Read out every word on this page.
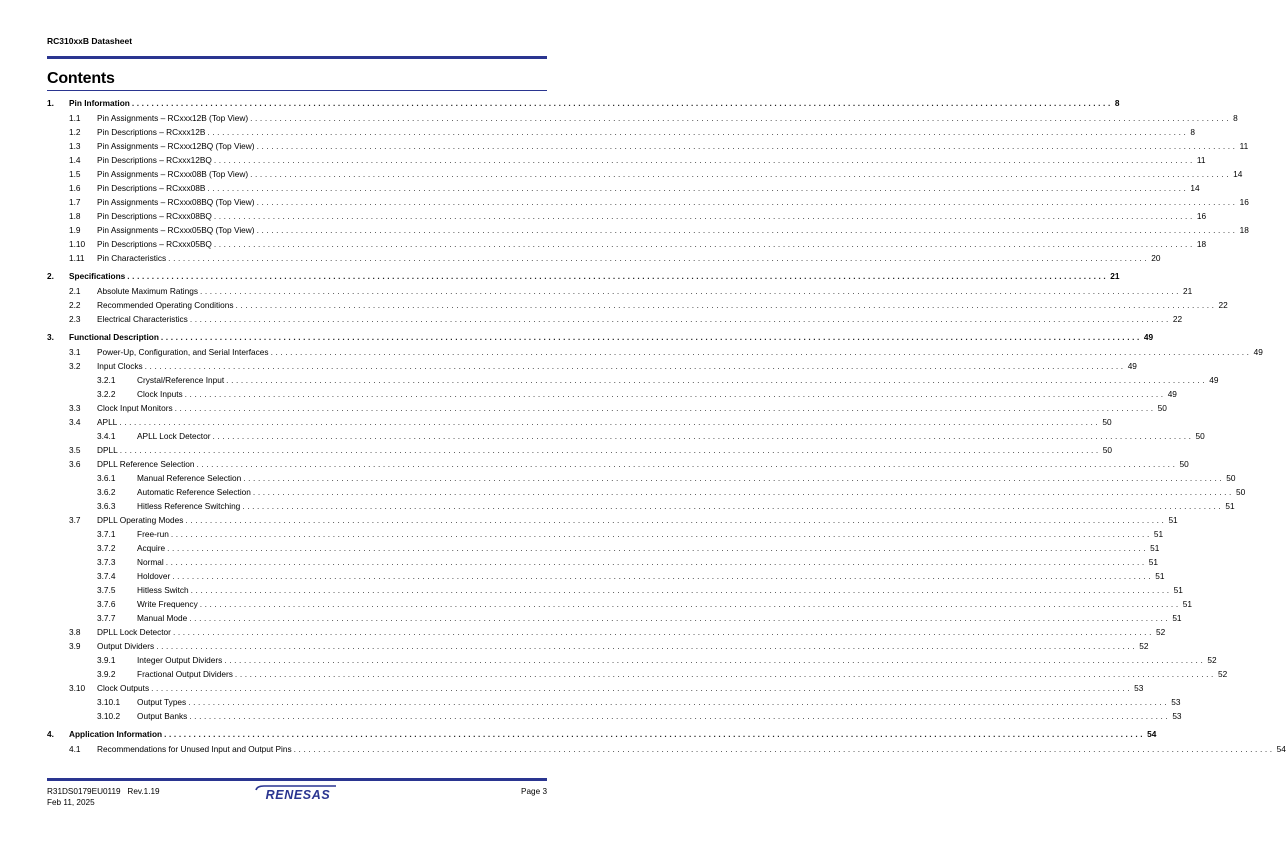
RC310xxB Datasheet
Contents
1. Pin Information ........................................................................................................................................................................................................ 8
1.1 Pin Assignments – RCxxx12B (Top View) ........................................................................................................................................................................................................ 8
1.2 Pin Descriptions – RCxxx12B ........................................................................................................................................................................................................ 8
1.3 Pin Assignments – RCxxx12BQ (Top View) ........................................................................................................................................................................................................ 11
1.4 Pin Descriptions – RCxxx12BQ ........................................................................................................................................................................................................ 11
1.5 Pin Assignments – RCxxx08B (Top View) ........................................................................................................................................................................................................ 14
1.6 Pin Descriptions – RCxxx08B ........................................................................................................................................................................................................ 14
1.7 Pin Assignments – RCxxx08BQ (Top View) ........................................................................................................................................................................................................ 16
1.8 Pin Descriptions – RCxxx08BQ ........................................................................................................................................................................................................ 16
1.9 Pin Assignments – RCxxx05BQ (Top View) ........................................................................................................................................................................................................ 18
1.10 Pin Descriptions – RCxxx05BQ ........................................................................................................................................................................................................ 18
1.11 Pin Characteristics ........................................................................................................................................................................................................ 20
2. Specifications ........................................................................................................................................................................................................ 21
2.1 Absolute Maximum Ratings ........................................................................................................................................................................................................ 21
2.2 Recommended Operating Conditions ........................................................................................................................................................................................................ 22
2.3 Electrical Characteristics ........................................................................................................................................................................................................ 22
3. Functional Description ........................................................................................................................................................................................................ 49
3.1 Power-Up, Configuration, and Serial Interfaces ........................................................................................................................................................................................................ 49
3.2 Input Clocks ........................................................................................................................................................................................................ 49
3.2.1	Crystal/Reference Input ........................................................................................................................................................................................................ 49
3.2.2	Clock Inputs ........................................................................................................................................................................................................ 49
3.3 Clock Input Monitors ........................................................................................................................................................................................................ 50
3.4 APLL ........................................................................................................................................................................................................ 50
3.4.1	APLL Lock Detector ........................................................................................................................................................................................................ 50
3.5 DPLL ........................................................................................................................................................................................................ 50
3.6 DPLL Reference Selection ........................................................................................................................................................................................................ 50
3.6.1	Manual Reference Selection ........................................................................................................................................................................................................ 50
3.6.2	Automatic Reference Selection ........................................................................................................................................................................................................ 50
3.6.3	Hitless Reference Switching ........................................................................................................................................................................................................ 51
3.7 DPLL Operating Modes ........................................................................................................................................................................................................ 51
3.7.1	Free-run ........................................................................................................................................................................................................ 51
3.7.2	Acquire ........................................................................................................................................................................................................ 51
3.7.3	Normal ........................................................................................................................................................................................................ 51
3.7.4	Holdover ........................................................................................................................................................................................................ 51
3.7.5	Hitless Switch ........................................................................................................................................................................................................ 51
3.7.6	Write Frequency ........................................................................................................................................................................................................ 51
3.7.7	Manual Mode ........................................................................................................................................................................................................ 51
3.8 DPLL Lock Detector ........................................................................................................................................................................................................ 52
3.9 Output Dividers ........................................................................................................................................................................................................ 52
3.9.1	Integer Output Dividers ........................................................................................................................................................................................................ 52
3.9.2	Fractional Output Dividers ........................................................................................................................................................................................................ 52
3.10 Clock Outputs ........................................................................................................................................................................................................ 53
3.10.1 Output Types ........................................................................................................................................................................................................ 53
3.10.2 Output Banks ........................................................................................................................................................................................................ 53
4. Application Information ........................................................................................................................................................................................................ 54
4.1 Recommendations for Unused Input and Output Pins ........................................................................................................................................................................................................ 54
R31DS0179EU0119 Rev.1.19
Feb 11, 2025
RENESAS	Page 3
